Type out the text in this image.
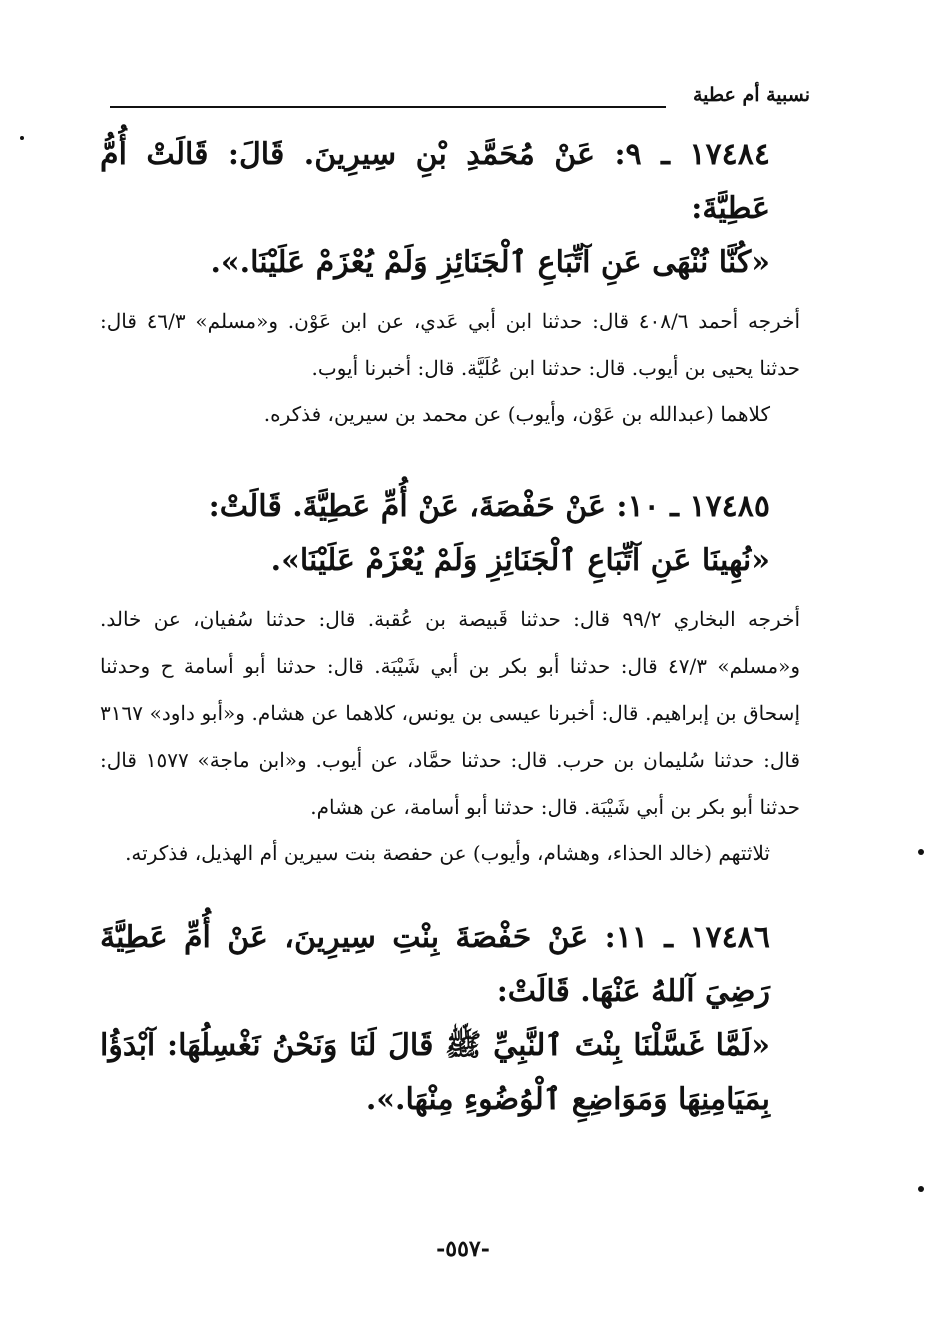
نسبية أم عطية

١٧٤٨٤ ـ ٩: عَنْ مُحَمَّدِ بْنِ سِيرِينَ. قَالَ: قَالَتْ أُمُّ عَطِيَّةَ:

«كُنَّا نُنْهَى عَنِ آتِّبَاعِ ٱلْجَنَائِزِ وَلَمْ يُعْزَمْ عَلَيْنَا.».

أخرجه أحمد ٤٠٨/٦ قال: حدثنا ابن أبي عَدي، عن ابن عَوْن. و«مسلم» ٤٦/٣ قال: حدثنا يحيى بن أيوب. قال: حدثنا ابن عُلَيَّة. قال: أخبرنا أيوب.

كلاهما (عبدالله بن عَوْن، وأيوب) عن محمد بن سيرين، فذكره.

١٧٤٨٥ ـ ١٠: عَنْ حَفْصَةَ، عَنْ أُمِّ عَطِيَّةَ. قَالَتْ:

«نُهِينَا عَنِ آتِّبَاعِ ٱلْجَنَائِزِ وَلَمْ يُعْزَمْ عَلَيْنَا».

أخرجه البخاري ٩٩/٢ قال: حدثنا قَبيصة بن عُقبة. قال: حدثنا سُفيان، عن خالد. و«مسلم» ٤٧/٣ قال: حدثنا أبو بكر بن أبي شَيْبَة. قال: حدثنا أبو أسامة ح وحدثنا إسحاق بن إبراهيم. قال: أخبرنا عيسى بن يونس، كلاهما عن هشام. و«أبو داود» ٣١٦٧ قال: حدثنا سُليمان بن حرب. قال: حدثنا حمَّاد، عن أيوب. و«ابن ماجة» ١٥٧٧ قال: حدثنا أبو بكر بن أبي شَيْبَة. قال: حدثنا أبو أسامة، عن هشام.

ثلاثتهم (خالد الحذاء، وهشام، وأيوب) عن حفصة بنت سيرين أم الهذيل، فذكرته.

١٧٤٨٦ ـ ١١: عَنْ حَفْصَةَ بِنْتِ سِيرِينَ، عَنْ أُمِّ عَطِيَّةَ رَضِيَ آللهُ عَنْهَا. قَالَتْ:

«لَمَّا غَسَّلْنَا بِنْتَ ٱلنَّبِيِّ ﷺ قَالَ لَنَا وَنَحْنُ نَغْسِلُهَا: آبْدَؤُا بِمَيَامِنِهَا وَمَوَاضِعِ ٱلْوُضُوءِ مِنْهَا.».

-٥٥٧-
